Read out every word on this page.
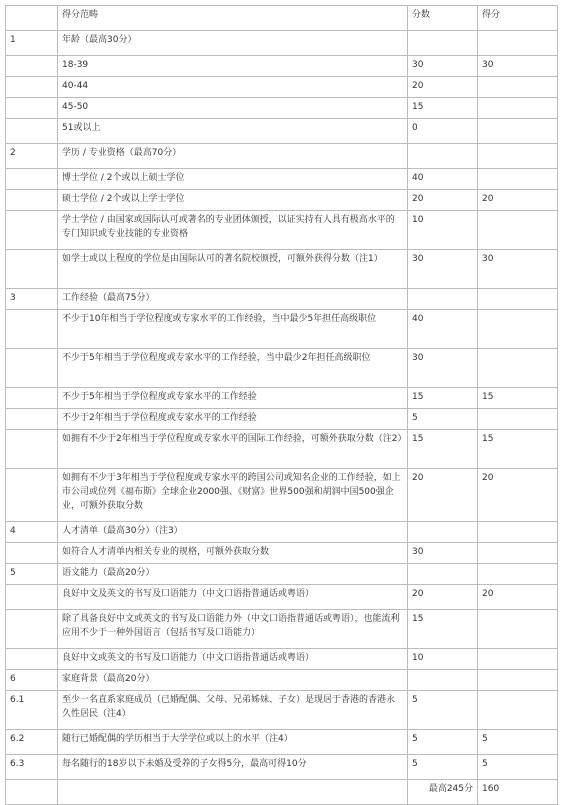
	得分范畴	分数	得分
1	年龄（最高30分）		
	18-39	30	30
	40-44	20	
	45-50	15	
	51或以上	0	
2	学历 / 专业资格（最高70分）		
	博士学位 / 2个或以上硕士学位	40	
	硕士学位 / 2个或以上学士学位	20	20
	学士学位 / 由国家或国际认可或著名的专业团体颁授，以证实持有人具有极高水平的专门知识或专业技能的专业资格	10	
	如学士或以上程度的学位是由国际认可的著名院校颁授，可额外获得分数（注1）	30	30
3	工作经验（最高75分）		
	不少于10年相当于学位程度或专家水平的工作经验，当中最少5年担任高级职位	40	
	不少于5年相当于学位程度或专家水平的工作经验，当中最少2年担任高级职位	30	
	不少于5年相当于学位程度或专家水平的工作经验	15	15
	不少于2年相当于学位程度或专家水平的工作经验	5	
	如拥有不少于2年相当于学位程度或专家水平的国际工作经验，可额外获取分数（注2）	15	15
	如拥有不少于3年相当于学位程度或专家水平的跨国公司或知名企业的工作经验，如上市公司或位列《福布斯》全球企业2000强、《财富》世界500强和胡润中国500强企业，可额外获取分数	20	20
4	人才清单（最高30分）（注3）		
	如符合人才清单内相关专业的规格，可额外获取分数	30	
5	语文能力（最高20分）		
	良好中文及英文的书写及口语能力（中文口语指普通话或粤语）	20	20
	除了具备良好中文或英文的书写及口语能力外（中文口语指普通话或粤语），也能流利应用不少于一种外国语言（包括书写及口语能力）	15	
	良好中文或英文的书写及口语能力（中文口语指普通话或粤语）	10	
6	家庭背景（最高20分）		
6.1	至少一名直系家庭成员（已婚配偶、父母、兄弟姊妹、子女）是现居于香港的香港永久性居民（注4）	5	
6.2	随行已婚配偶的学历相当于大学学位或以上的水平（注4）	5	5
6.3	每名随行的18岁以下未婚及受养的子女得5分，最高可得10分	5	5
		最高245分	160
